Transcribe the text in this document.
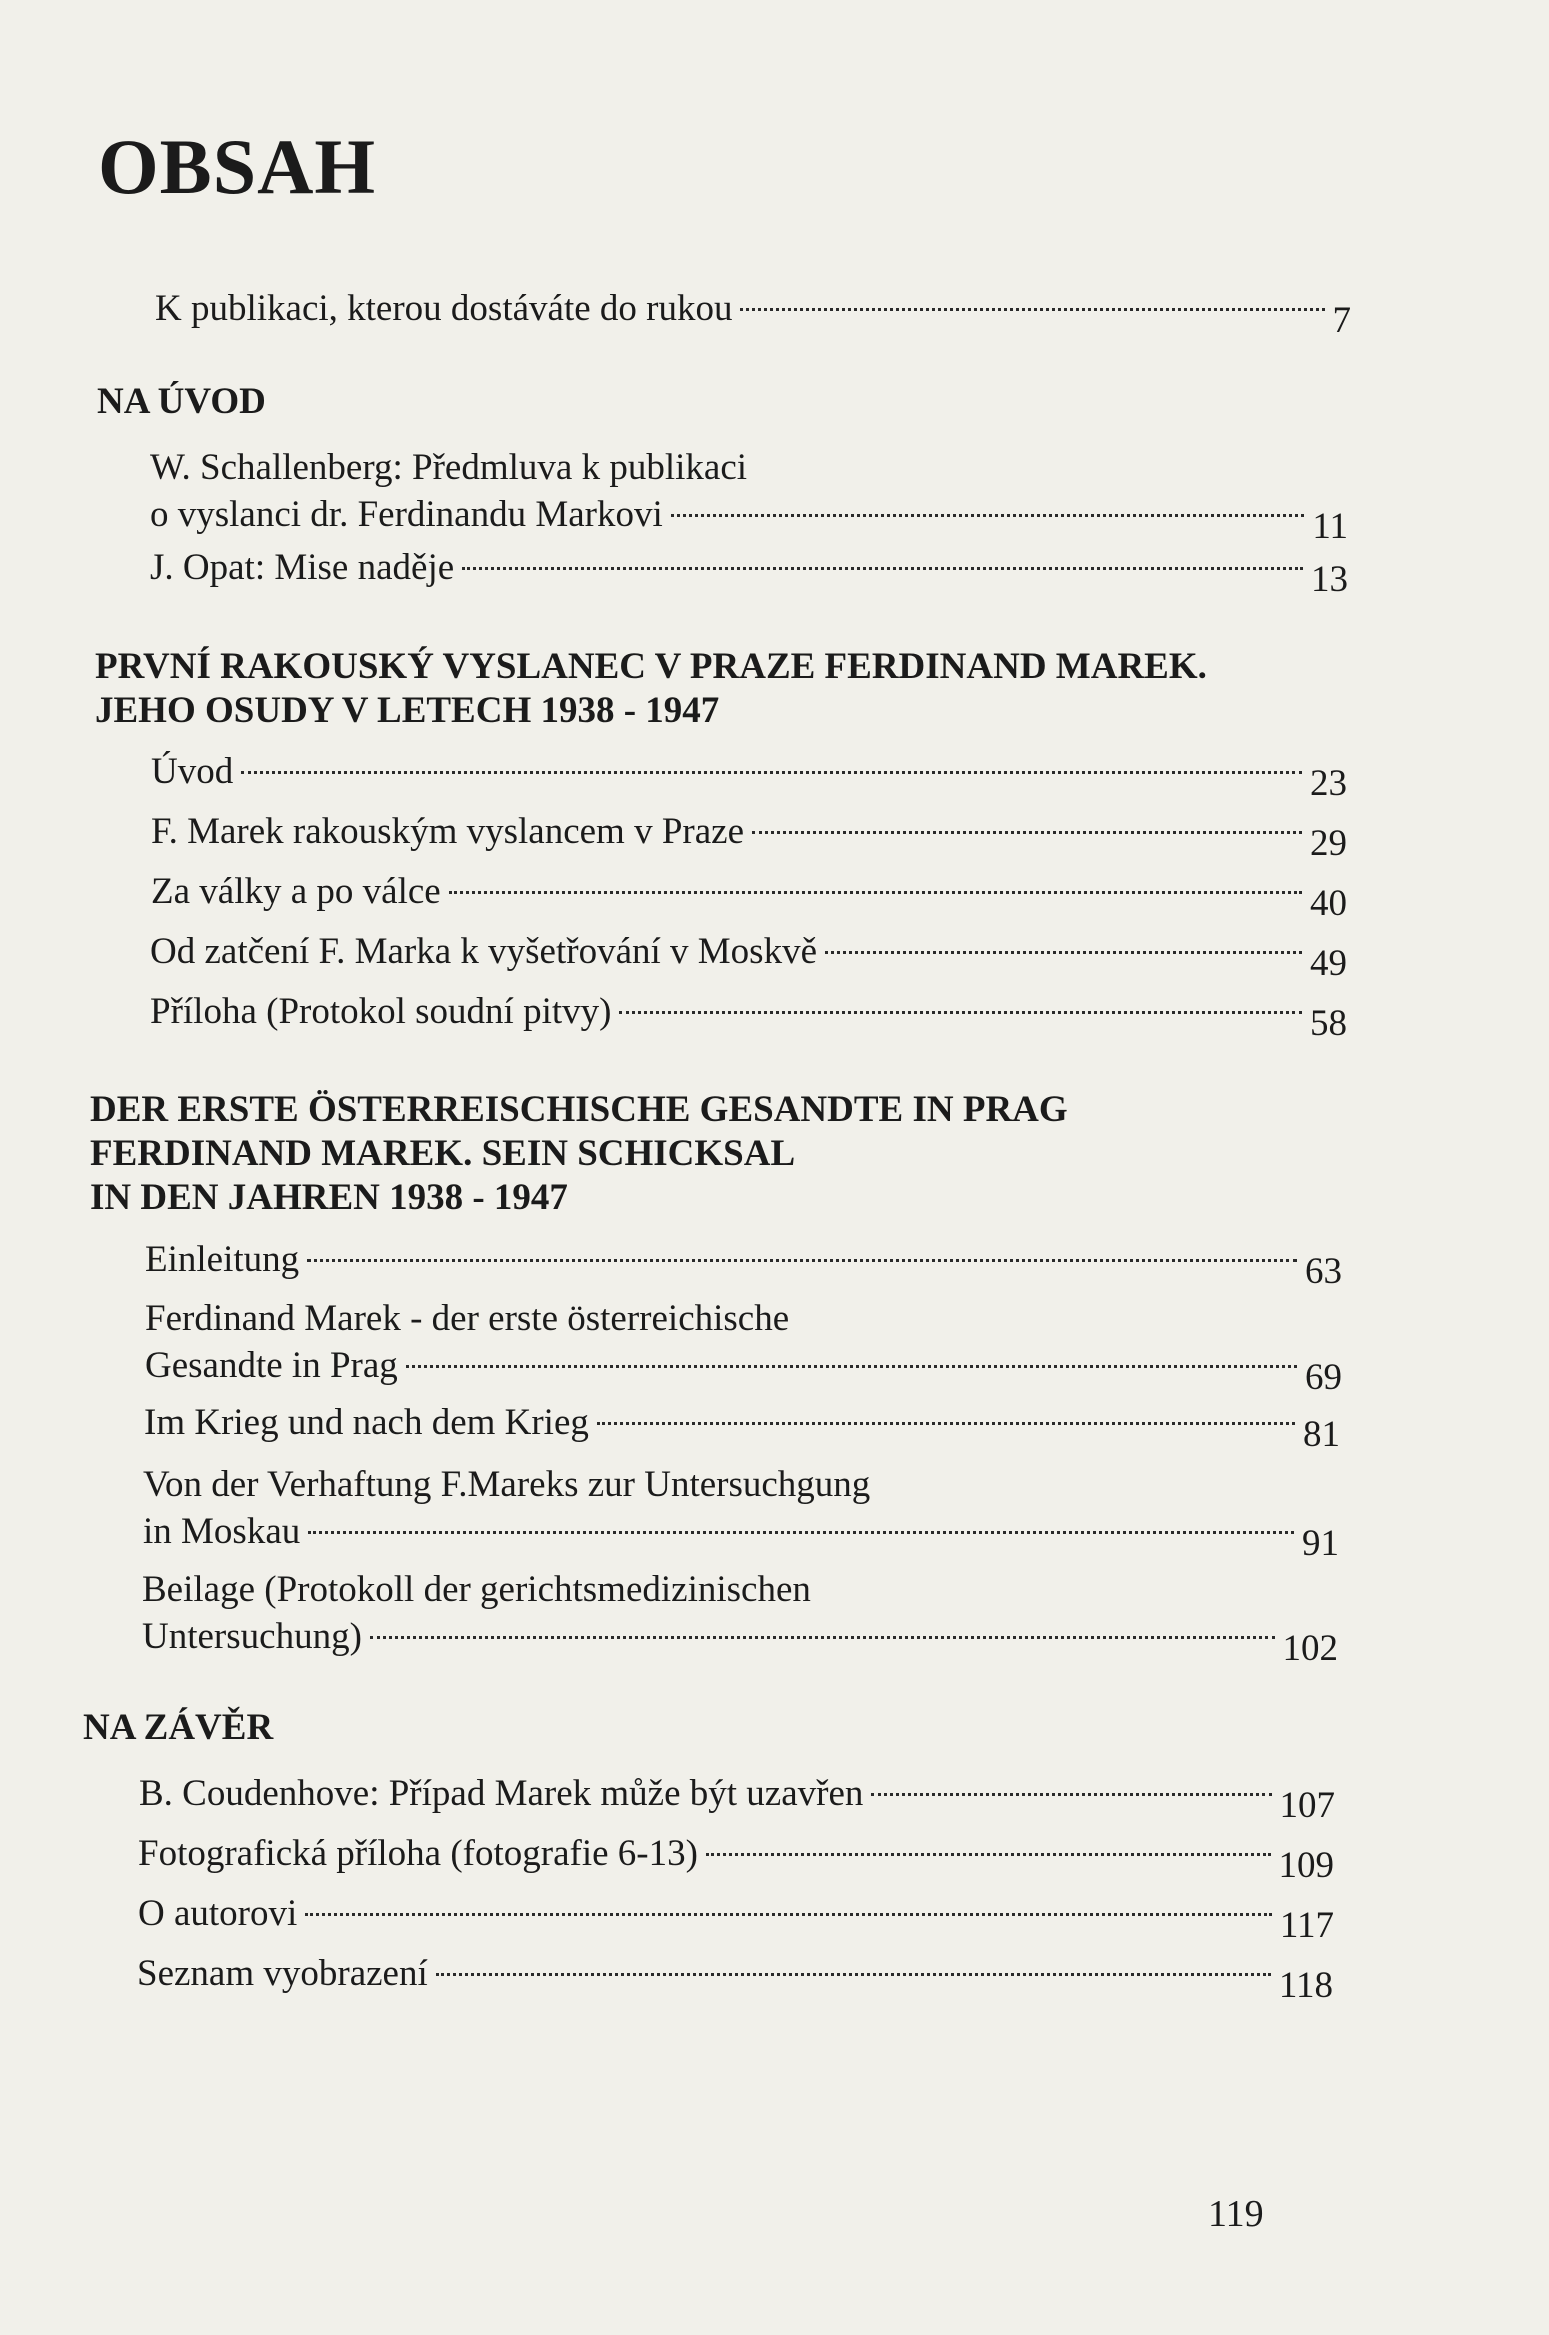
OBSAH
K publikaci, kterou dostáváte do rukou	7
NA ÚVOD
W. Schallenberg: Předmluva k publikaci
o vyslanci dr. Ferdinandu Markovi	11
J. Opat: Mise naděje	13
PRVNÍ RAKOUSKÝ VYSLANEC V PRAZE FERDINAND MAREK.
JEHO OSUDY V LETECH 1938 - 1947
Úvod	23
F. Marek rakouským vyslancem v Praze	29
Za války a po válce	40
Od zatčení F. Marka k vyšetřování v Moskvě	49
Příloha (Protokol soudní pitvy)	58
DER ERSTE ÖSTERREISCHISCHE GESANDTE IN PRAG
FERDINAND MAREK. SEIN SCHICKSAL
IN DEN JAHREN 1938 - 1947
Einleitung	63
Ferdinand Marek - der erste österreichische
Gesandte in Prag	69
Im Krieg und nach dem Krieg	81
Von der Verhaftung F.Mareks zur Untersuchgung
in Moskau	91
Beilage (Protokoll der gerichtsmedizinischen
Untersuchung)	102
NA ZÁVĚR
B. Coudenhove: Případ Marek může být uzavřen	107
Fotografická příloha (fotografie 6-13)	109
O autorovi	117
Seznam vyobrazení	118
119
